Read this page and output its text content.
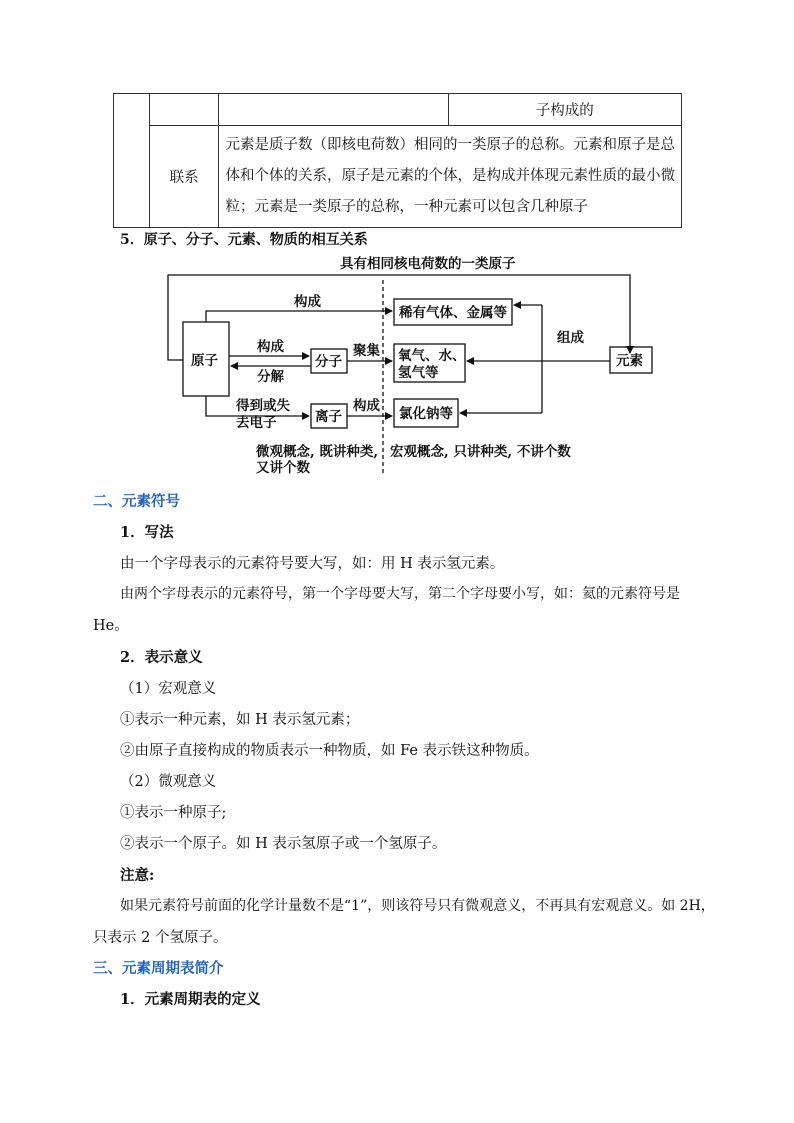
			子构成的
	联系	元素是质子数（即核电荷数）相同的一类原子的总称。元素和原子是总
体和个体的关系，原子是元素的个体，是构成并体现元素性质的最小微
粒；元素是一类原子的总称，一种元素可以包含几种原子	
5．原子、分子、元素、物质的相互关系
具有相同核电荷数的一类原子
原子	分子
离子
元素
稀有气体、金属等
氧气、水、
氢气等
氯化钠等
构成
构成
分解
聚集
得到或失
去电子
构成
组成
微观概念, 既讲种类,
又讲个数
宏观概念, 只讲种类, 不讲个数
二、元素符号
1．写法
由一个字母表示的元素符号要大写，如：用 H 表示氢元素。
由两个字母表示的元素符号，第一个字母要大写，第二个字母要小写，如：氦的元素符号是
He。
2．表示意义
（1）宏观意义
①表示一种元素，如 H 表示氢元素；
②由原子直接构成的物质表示一种物质，如 Fe 表示铁这种物质。
（2）微观意义
①表示一种原子;
②表示一个原子。如 H 表示氢原子或一个氢原子。
注意:
如果元素符号前面的化学计量数不是“1”，则该符号只有微观意义，不再具有宏观意义。如 2H，
只表示 2 个氢原子。
三、元素周期表简介
1．元素周期表的定义
